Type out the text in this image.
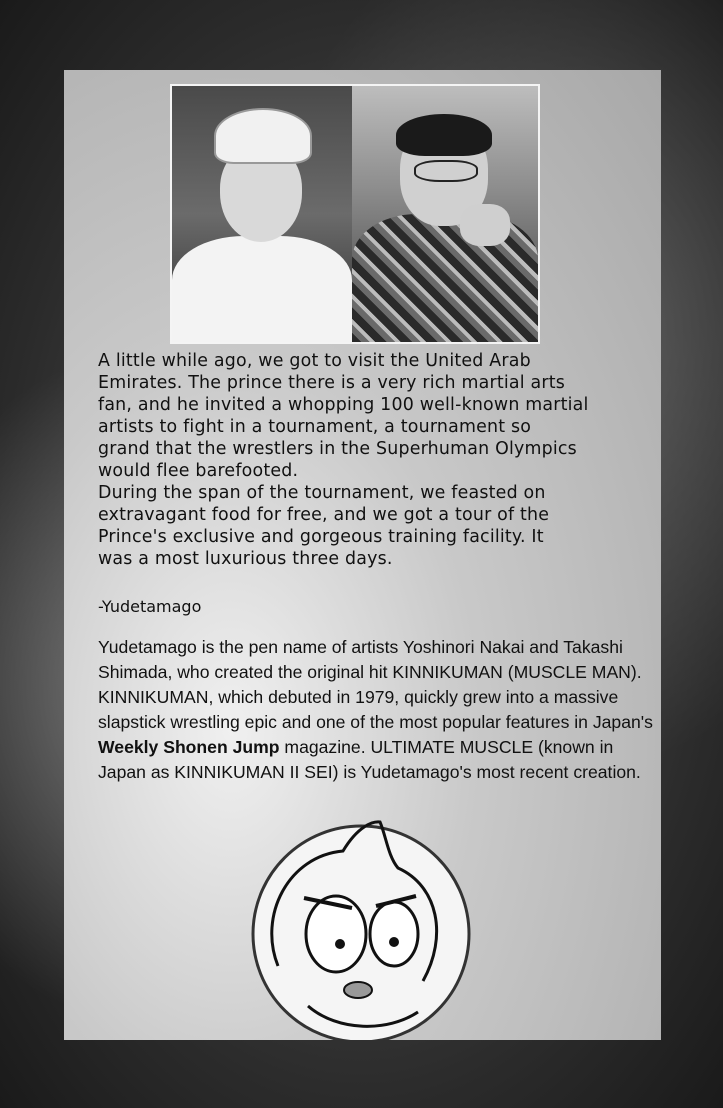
A little while ago, we got to visit the United Arab
Emirates. The prince there is a very rich martial arts
fan, and he invited a whopping 100 well-known martial
artists to fight in a tournament, a tournament so
grand that the wrestlers in the Superhuman Olympics
would flee barefooted.
During the span of the tournament, we feasted on
extravagant food for free, and we got a tour of the
Prince's exclusive and gorgeous training facility. It
was a most luxurious three days.
-Yudetamago
Yudetamago is the pen name of artists Yoshinori Nakai and Takashi Shimada, who created the original hit KINNIKUMAN (MUSCLE MAN). KINNIKUMAN, which debuted in 1979, quickly grew into a massive slapstick wrestling epic and one of the most popular features in Japan's Weekly Shonen Jump magazine. ULTIMATE MUSCLE (known in Japan as KINNIKUMAN II SEI) is Yudetamago's most recent creation.
